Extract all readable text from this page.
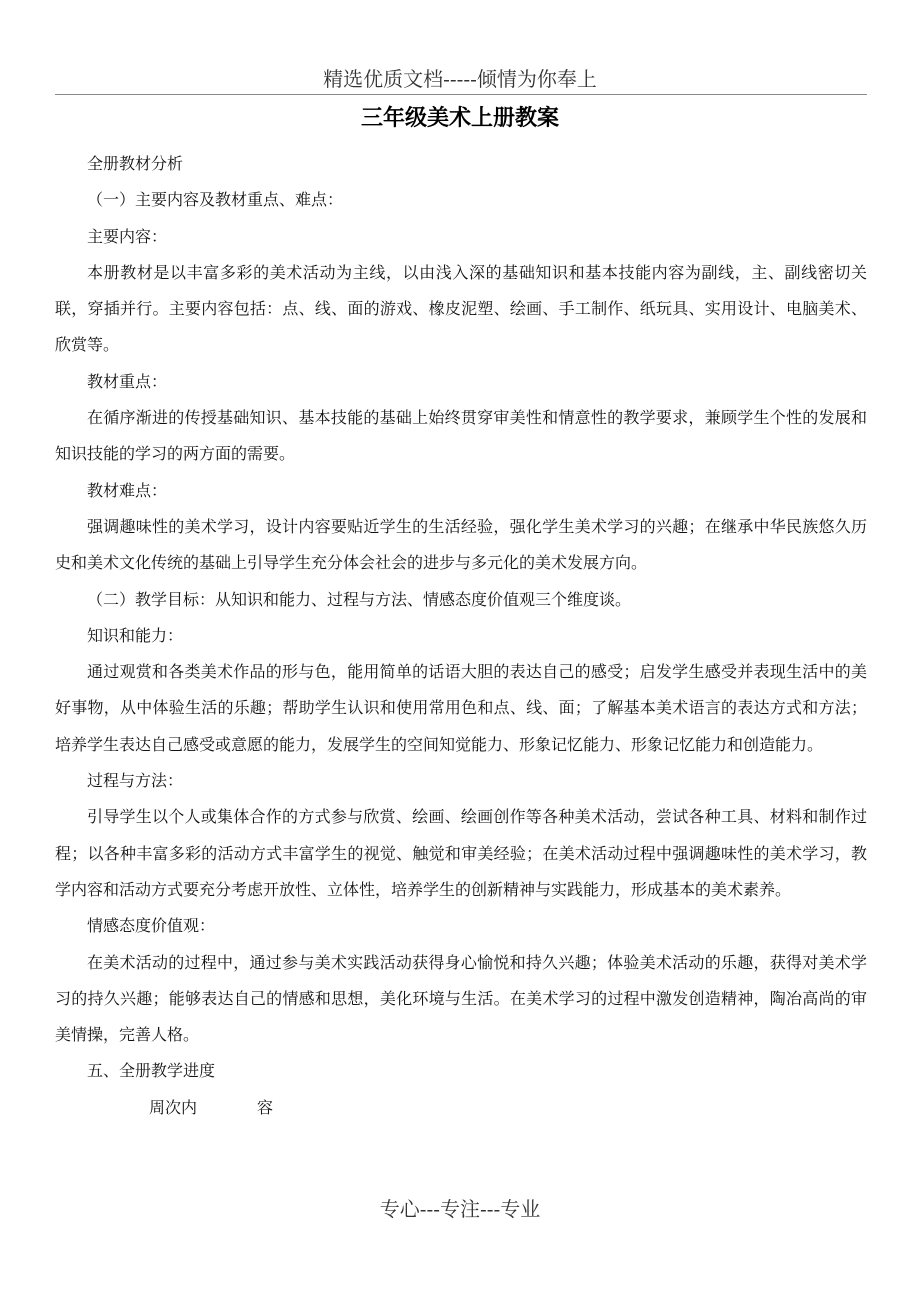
精选优质文档-----倾情为你奉上
三年级美术上册教案

全册教材分析

（一）主要内容及教材重点、难点：

主要内容：

本册教材是以丰富多彩的美术活动为主线，以由浅入深的基础知识和基本技能内容为副线，主、副线密切关联，穿插并行。主要内容包括：点、线、面的游戏、橡皮泥塑、绘画、手工制作、纸玩具、实用设计、电脑美术、欣赏等。

教材重点：

在循序渐进的传授基础知识、基本技能的基础上始终贯穿审美性和情意性的教学要求，兼顾学生个性的发展和知识技能的学习的两方面的需要。

教材难点：

强调趣味性的美术学习，设计内容要贴近学生的生活经验，强化学生美术学习的兴趣；在继承中华民族悠久历史和美术文化传统的基础上引导学生充分体会社会的进步与多元化的美术发展方向。

（二）教学目标：从知识和能力、过程与方法、情感态度价值观三个维度谈。

知识和能力：

通过观赏和各类美术作品的形与色，能用简单的话语大胆的表达自己的感受；启发学生感受并表现生活中的美好事物，从中体验生活的乐趣；帮助学生认识和使用常用色和点、线、面；了解基本美术语言的表达方式和方法；培养学生表达自己感受或意愿的能力，发展学生的空间知觉能力、形象记忆能力、形象记忆能力和创造能力。

过程与方法：

引导学生以个人或集体合作的方式参与欣赏、绘画、绘画创作等各种美术活动，尝试各种工具、材料和制作过程；以各种丰富多彩的活动方式丰富学生的视觉、触觉和审美经验；在美术活动过程中强调趣味性的美术学习，教学内容和活动方式要充分考虑开放性、立体性，培养学生的创新精神与实践能力，形成基本的美术素养。

情感态度价值观：

在美术活动的过程中，通过参与美术实践活动获得身心愉悦和持久兴趣；体验美术活动的乐趣，获得对美术学习的持久兴趣；能够表达自己的情感和思想，美化环境与生活。在美术学习的过程中激发创造精神，陶冶高尚的审美情操，完善人格。

五、全册教学进度

周次内	容

专心---专注---专业
